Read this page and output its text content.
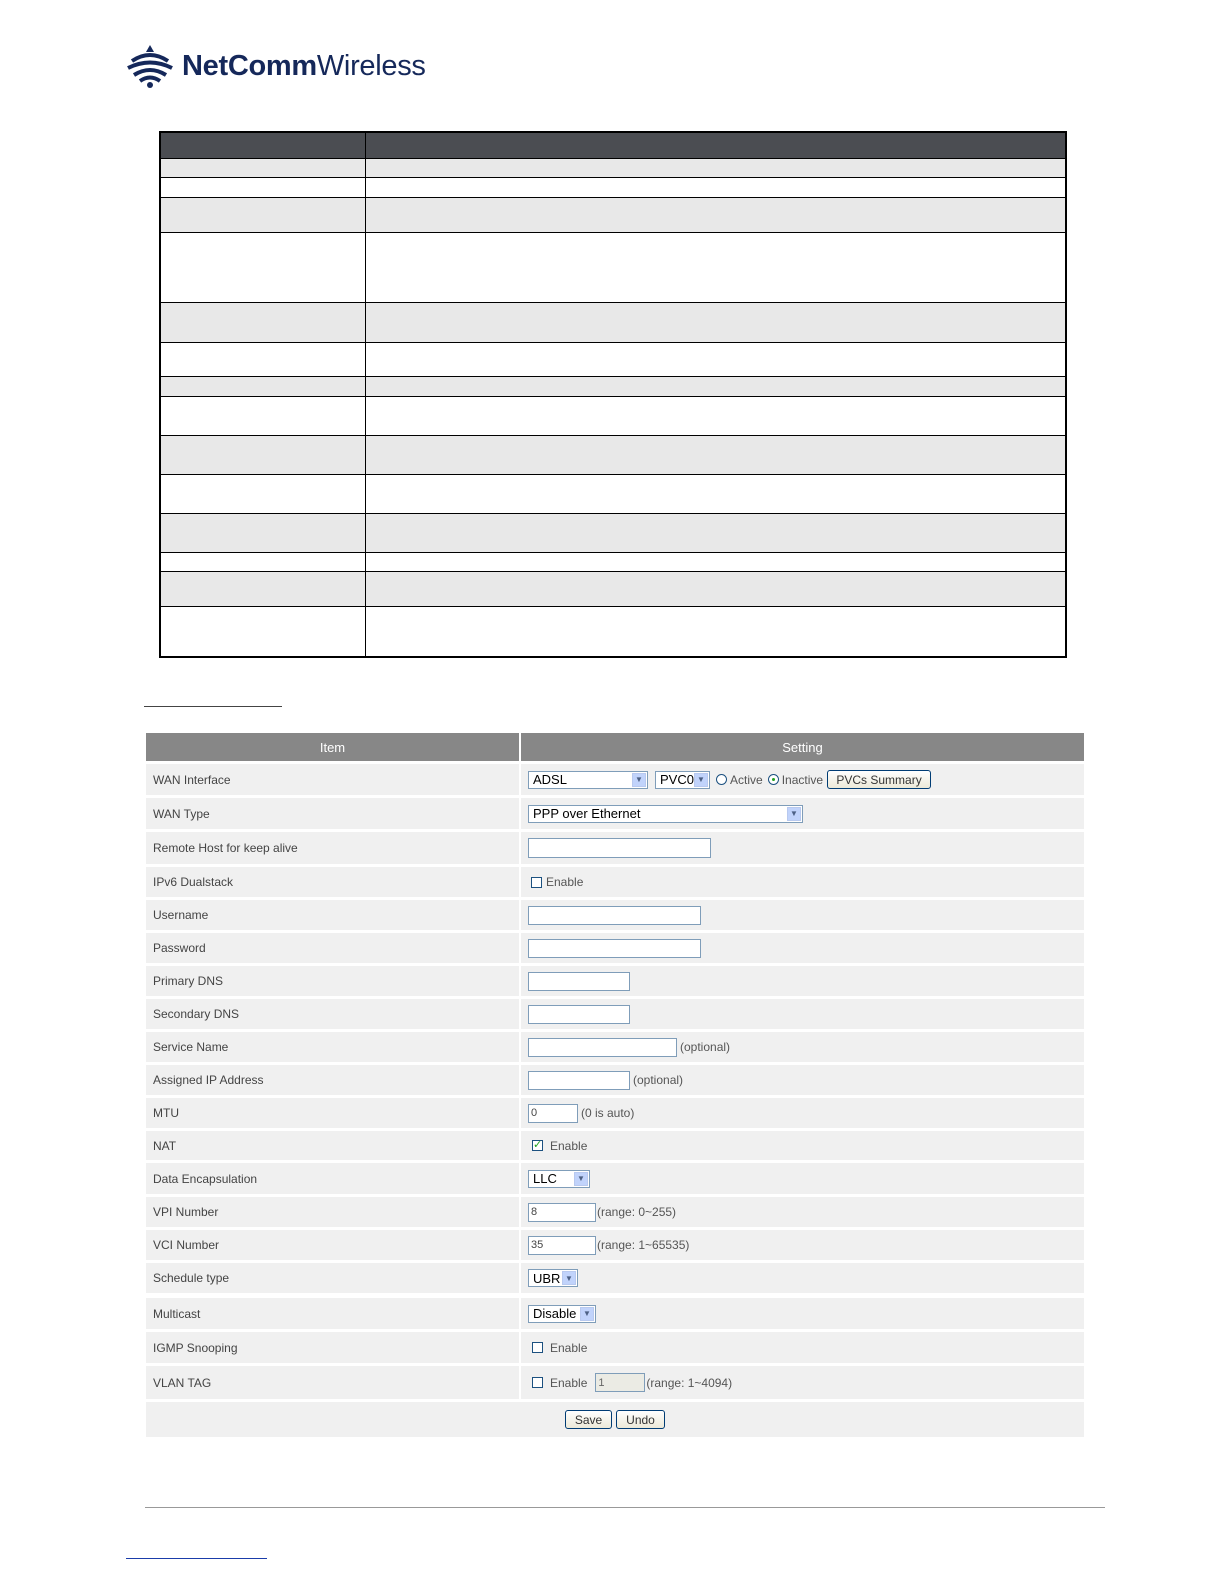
NetCommWireless

Item	Setting
WAN Interface	ADSL	▼ PVC0 ▼ Active Inactive	PVCs Summary
WAN Type	PPP over Ethernet	▼
Remote Host for keep alive
IPv6 Dualstack	Enable
Username
Password
Primary DNS
Secondary DNS
Service Name	(optional)
Assigned IP Address	(optional)
MTU	0	(0 is auto)
NAT
✓	Enable
Data Encapsulation	LLC	▼
VPI Number	8	(range: 0~255)
VCI Number	35	(range: 1~65535)
Schedule type	UBR ▼
Multicast	Disable ▼
IGMP Snooping	Enable
VLAN TAG	Enable 1	(range: 1~4094)
Save	Undo
